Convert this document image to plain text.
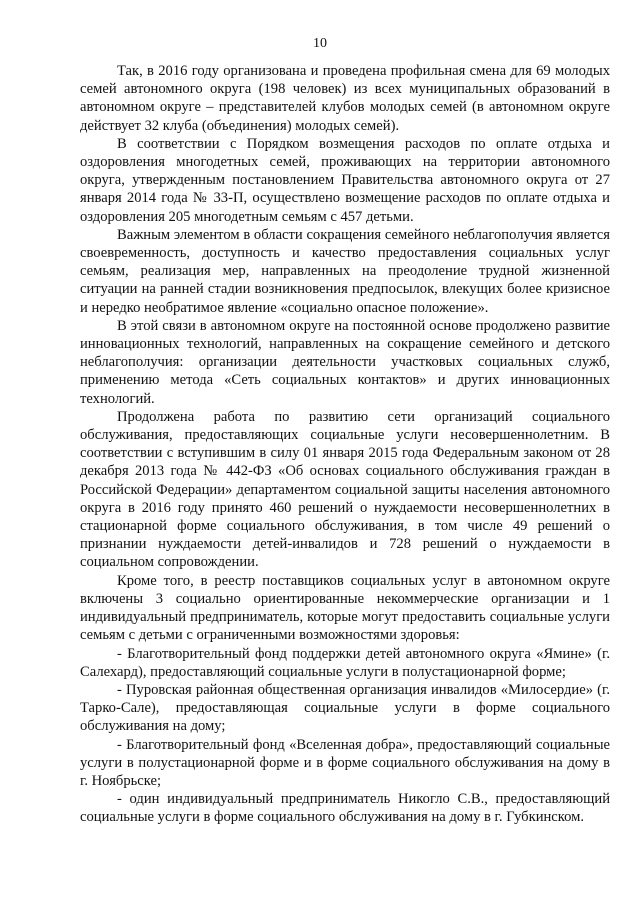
10

Так, в 2016 году организована и проведена профильная смена для 69 молодых семей автономного округа (198 человек) из всех муниципальных образований в автономном округе – представителей клубов молодых семей (в автономном округе действует 32 клуба (объединения) молодых семей).

В соответствии с Порядком возмещения расходов по оплате отдыха и оздоровления многодетных семей, проживающих на территории автономного округа, утвержденным постановлением Правительства автономного округа от 27 января 2014 года № 33-П, осуществлено возмещение расходов по оплате отдыха и оздоровления 205 многодетным семьям с 457 детьми.

Важным элементом в области сокращения семейного неблагополучия является своевременность, доступность и качество предоставления социальных услуг семьям, реализация мер, направленных на преодоление трудной жизненной ситуации на ранней стадии возникновения предпосылок, влекущих более кризисное и нередко необратимое явление «социально опасное положение».

В этой связи в автономном округе на постоянной основе продолжено развитие инновационных технологий, направленных на сокращение семейного и детского неблагополучия: организации деятельности участковых социальных служб, применению метода «Сеть социальных контактов» и других инновационных технологий.

Продолжена работа по развитию сети организаций социального обслуживания, предоставляющих социальные услуги несовершеннолетним. В соответствии с вступившим в силу 01 января 2015 года Федеральным законом от 28 декабря 2013 года № 442-ФЗ «Об основах социального обслуживания граждан в Российской Федерации» департаментом социальной защиты населения автономного округа в 2016 году принято 460 решений о нуждаемости несовершеннолетних в стационарной форме социального обслуживания, в том числе 49 решений о признании нуждаемости детей-инвалидов и 728 решений о нуждаемости в социальном сопровождении.

Кроме того, в реестр поставщиков социальных услуг в автономном округе включены 3 социально ориентированные некоммерческие организации и 1 индивидуальный предприниматель, которые могут предоставить социальные услуги семьям с детьми с ограниченными возможностями здоровья:

- Благотворительный фонд поддержки детей автономного округа «Ямине» (г. Салехард), предоставляющий социальные услуги в полустационарной форме;

- Пуровская районная общественная организация инвалидов «Милосердие» (г. Тарко-Сале), предоставляющая социальные услуги в форме социального обслуживания на дому;

- Благотворительный фонд «Вселенная добра», предоставляющий социальные услуги в полустационарной форме и в форме социального обслуживания на дому в г. Ноябрьске;

- один индивидуальный предприниматель Никогло С.В., предоставляющий социальные услуги в форме социального обслуживания на дому в г. Губкинском.
